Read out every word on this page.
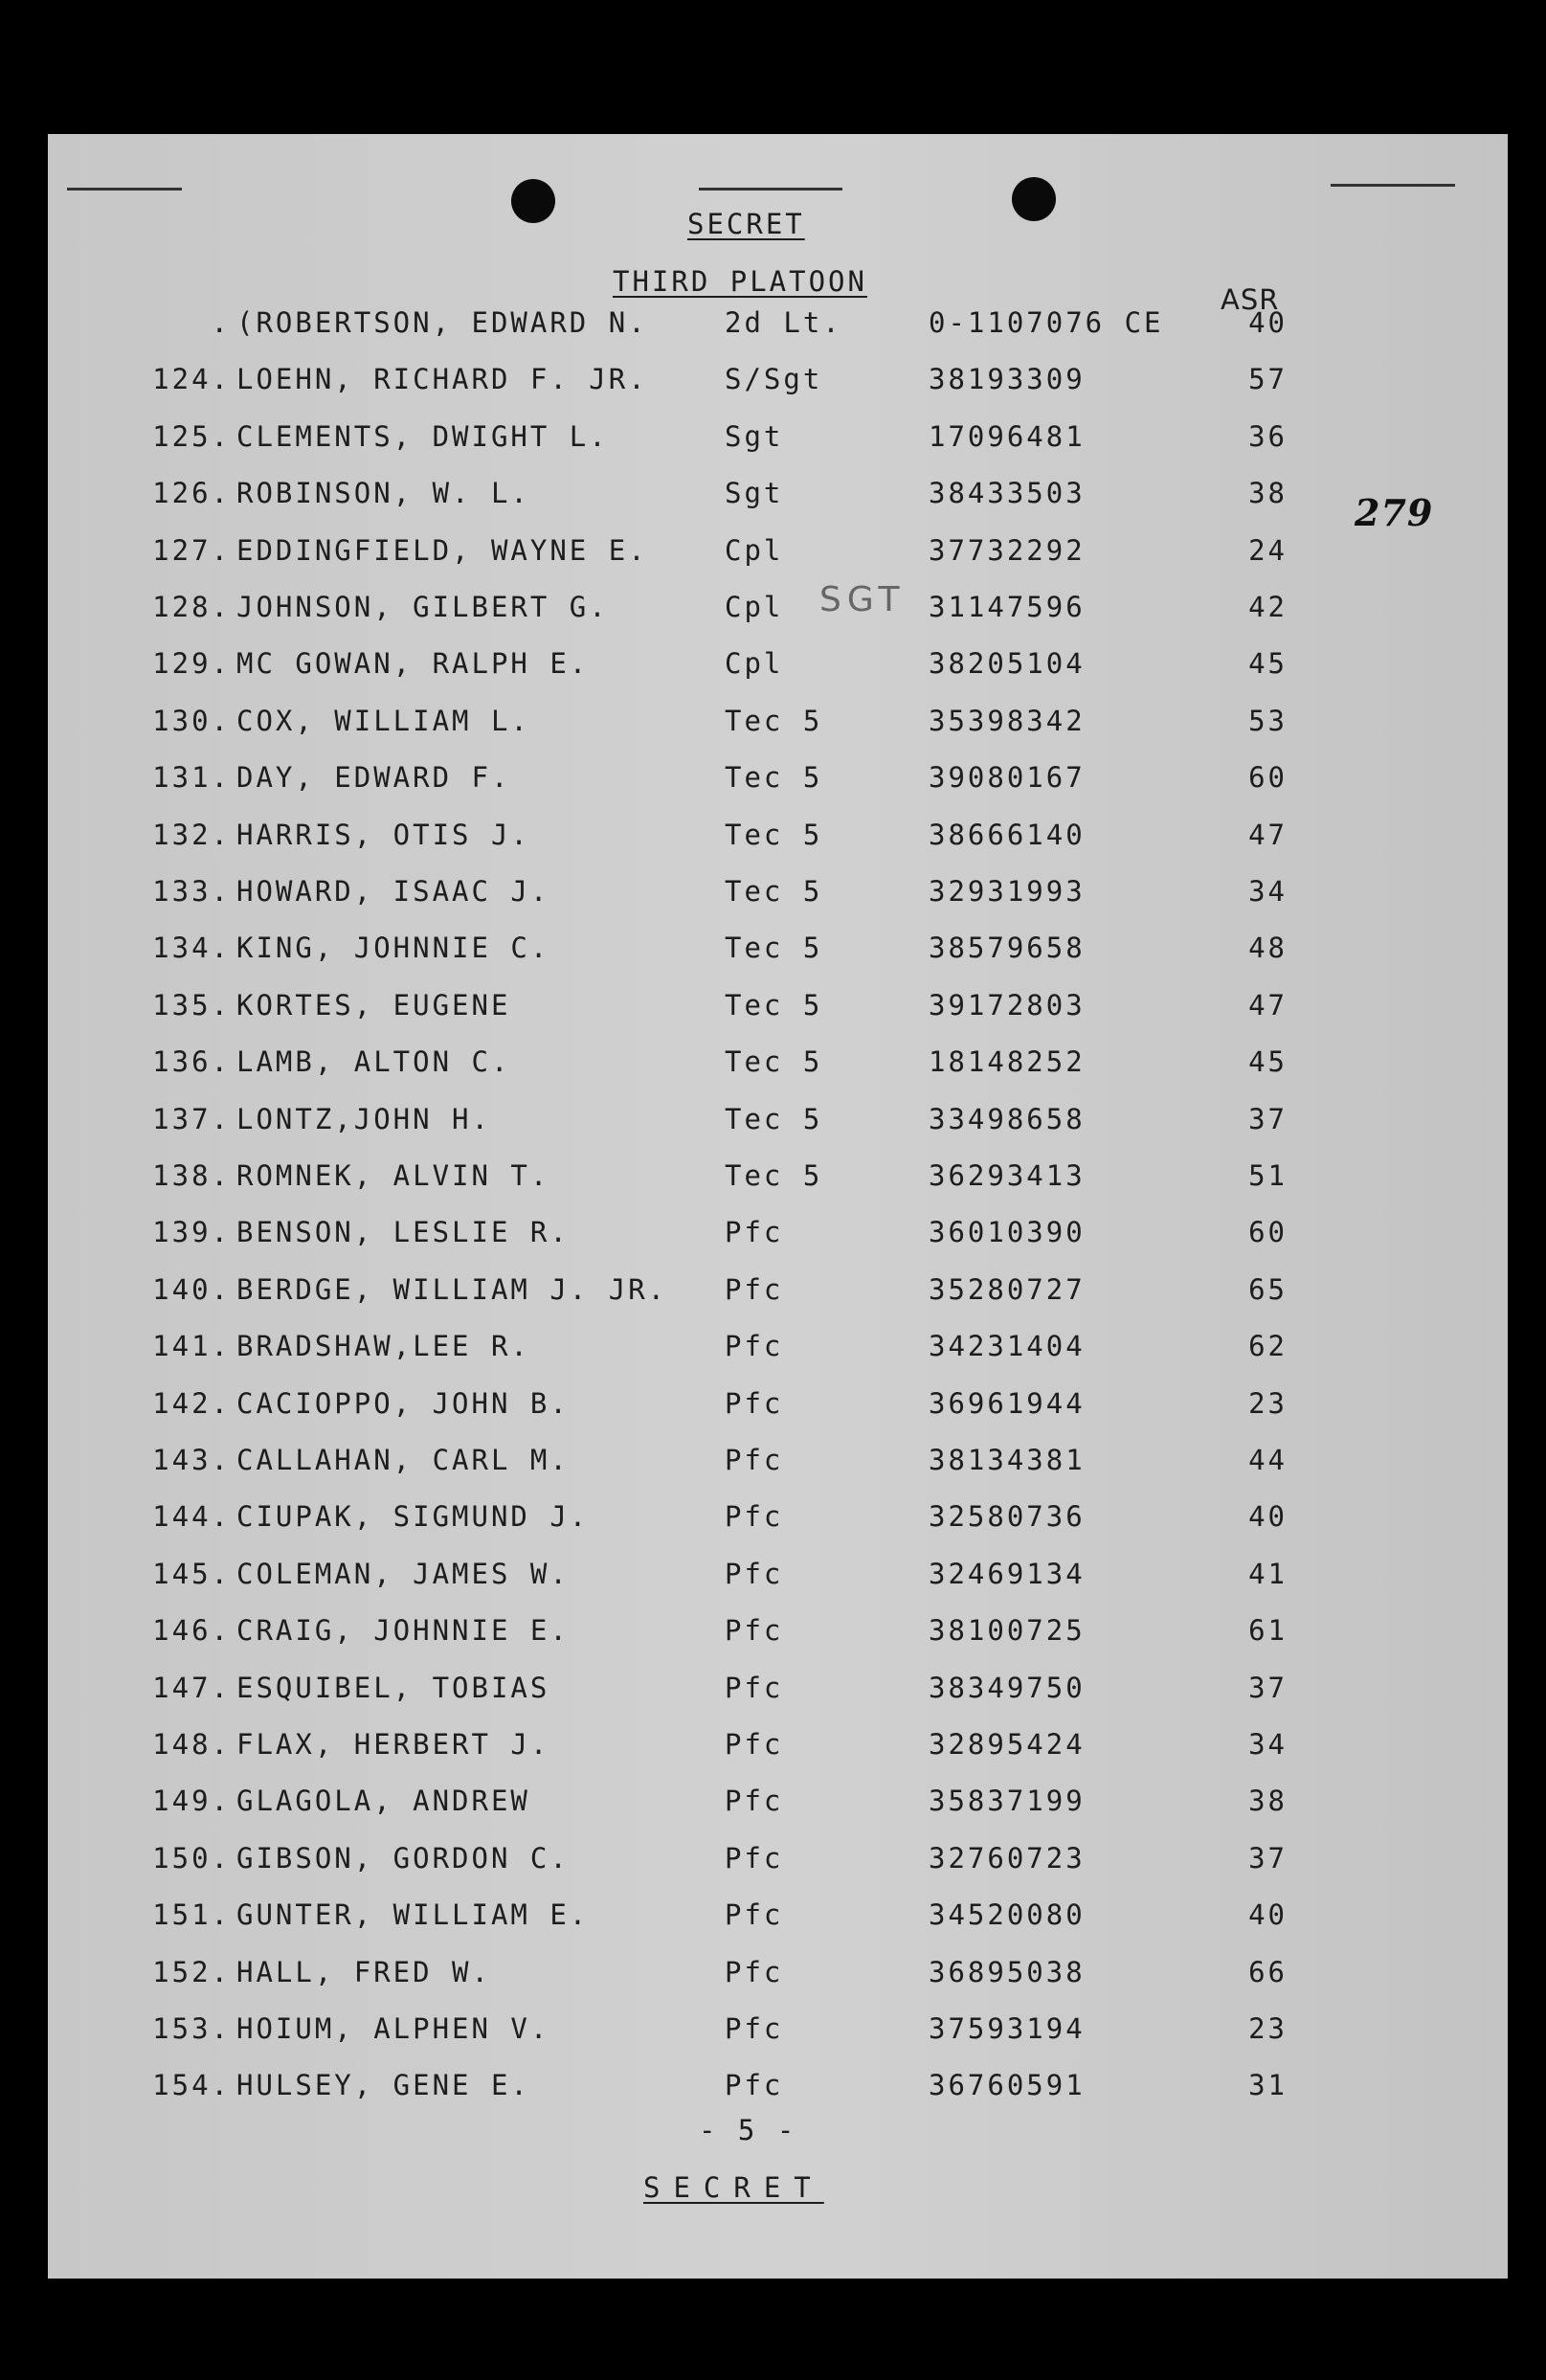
SECRET
THIRD PLATOON
ASR
279
SGT
. (ROBERTSON, EDWARD N.	2d Lt.	0-1107076 CE	40
124. LOEHN, RICHARD F. JR.	S/Sgt	38193309	57
125. CLEMENTS, DWIGHT L.	Sgt	17096481	36
126. ROBINSON, W. L.	Sgt	38433503	38
127. EDDINGFIELD, WAYNE E.	Cpl	37732292	24
128. JOHNSON, GILBERT G.	Cpl	31147596	42
129. MC GOWAN, RALPH E.	Cpl	38205104	45
130. COX, WILLIAM L.	Tec 5	35398342	53
131. DAY, EDWARD F.	Tec 5	39080167	60
132. HARRIS, OTIS J.	Tec 5	38666140	47
133. HOWARD, ISAAC J.	Tec 5	32931993	34
134. KING, JOHNNIE C.	Tec 5	38579658	48
135. KORTES, EUGENE	Tec 5	39172803	47
136. LAMB, ALTON C.	Tec 5	18148252	45
137. LONTZ,JOHN H.	Tec 5	33498658	37
138. ROMNEK, ALVIN T.	Tec 5	36293413	51
139. BENSON, LESLIE R.	Pfc	36010390	60
140. BERDGE, WILLIAM J. JR. Pfc	35280727	65
141. BRADSHAW,LEE R.	Pfc	34231404	62
142. CACIOPPO, JOHN B.	Pfc	36961944	23
143. CALLAHAN, CARL M.	Pfc	38134381	44
144. CIUPAK, SIGMUND J.	Pfc	32580736	40
145. COLEMAN, JAMES W.	Pfc	32469134	41
146. CRAIG, JOHNNIE E.	Pfc	38100725	61
147. ESQUIBEL, TOBIAS	Pfc	38349750	37
148. FLAX, HERBERT J.	Pfc	32895424	34
149. GLAGOLA, ANDREW	Pfc	35837199	38
150. GIBSON, GORDON C.	Pfc	32760723	37
151. GUNTER, WILLIAM E.	Pfc	34520080	40
152. HALL, FRED W.	Pfc	36895038	66
153. HOIUM, ALPHEN V.	Pfc	37593194	23
154. HULSEY, GENE E.	Pfc	36760591	31
- 5 -
SECRET
